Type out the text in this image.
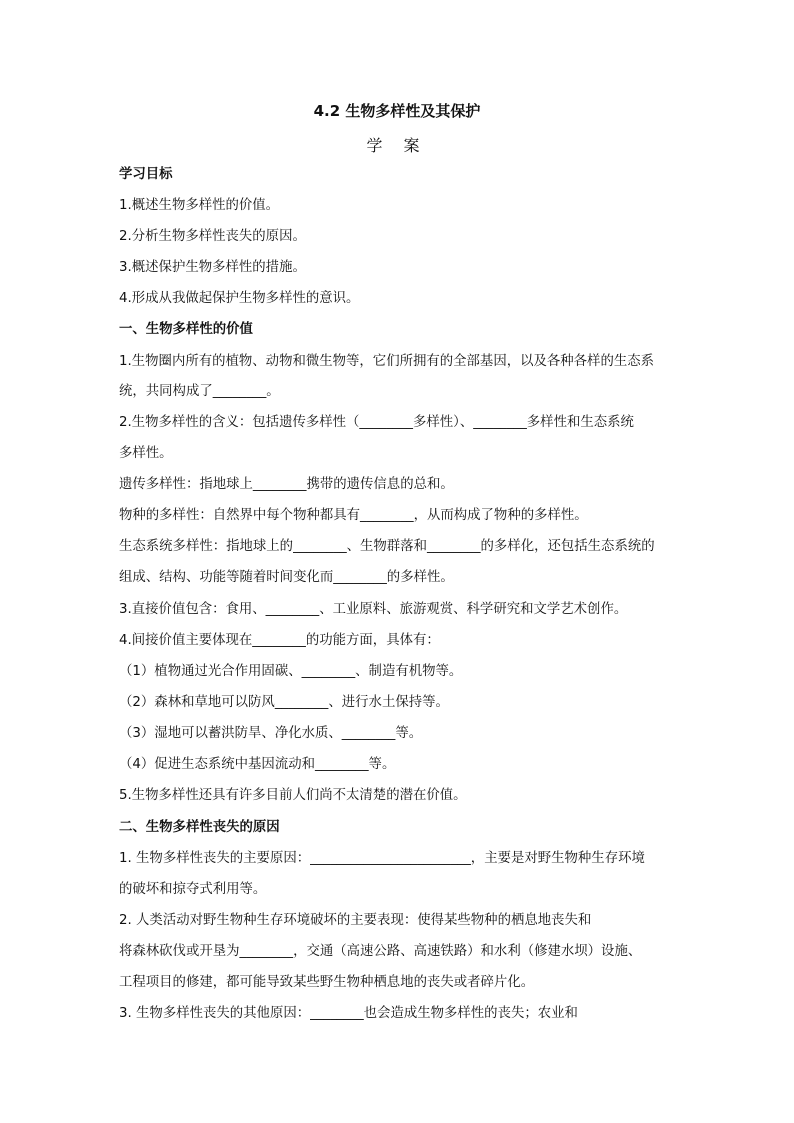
4.2 生物多样性及其保护
学 案
学习目标
1.概述生物多样性的价值。
2.分析生物多样性丧失的原因。
3.概述保护生物多样性的措施。
4.形成从我做起保护生物多样性的意识。
一、生物多样性的价值
1.生物圈内所有的植物、动物和微生物等，它们所拥有的全部基因，以及各种各样的生态系
统，共同构成了________。
2.生物多样性的含义：包括遗传多样性（________多样性）、________多样性和生态系统
多样性。
遗传多样性：指地球上________携带的遗传信息的总和。
物种的多样性：自然界中每个物种都具有________，从而构成了物种的多样性。
生态系统多样性：指地球上的________、生物群落和________的多样化，还包括生态系统的
组成、结构、功能等随着时间变化而________的多样性。
3.直接价值包含：食用、________、工业原料、旅游观赏、科学研究和文学艺术创作。
4.间接价值主要体现在________的功能方面，具体有：
（1）植物通过光合作用固碳、________、制造有机物等。
（2）森林和草地可以防风________、进行水土保持等。
（3）湿地可以蓄洪防旱、净化水质、________等。
（4）促进生态系统中基因流动和________等。
5.生物多样性还具有许多目前人们尚不太清楚的潜在价值。
二、生物多样性丧失的原因
1. 生物多样性丧失的主要原因：________________________，主要是对野生物种生存环境
的破坏和掠夺式利用等。
2. 人类活动对野生物种生存环境破坏的主要表现：使得某些物种的栖息地丧失和
将森林砍伐或开垦为________，交通（高速公路、高速铁路）和水利（修建水坝）设施、
工程项目的修建，都可能导致某些野生物种栖息地的丧失或者碎片化。
3. 生物多样性丧失的其他原因：________也会造成生物多样性的丧失；农业和
